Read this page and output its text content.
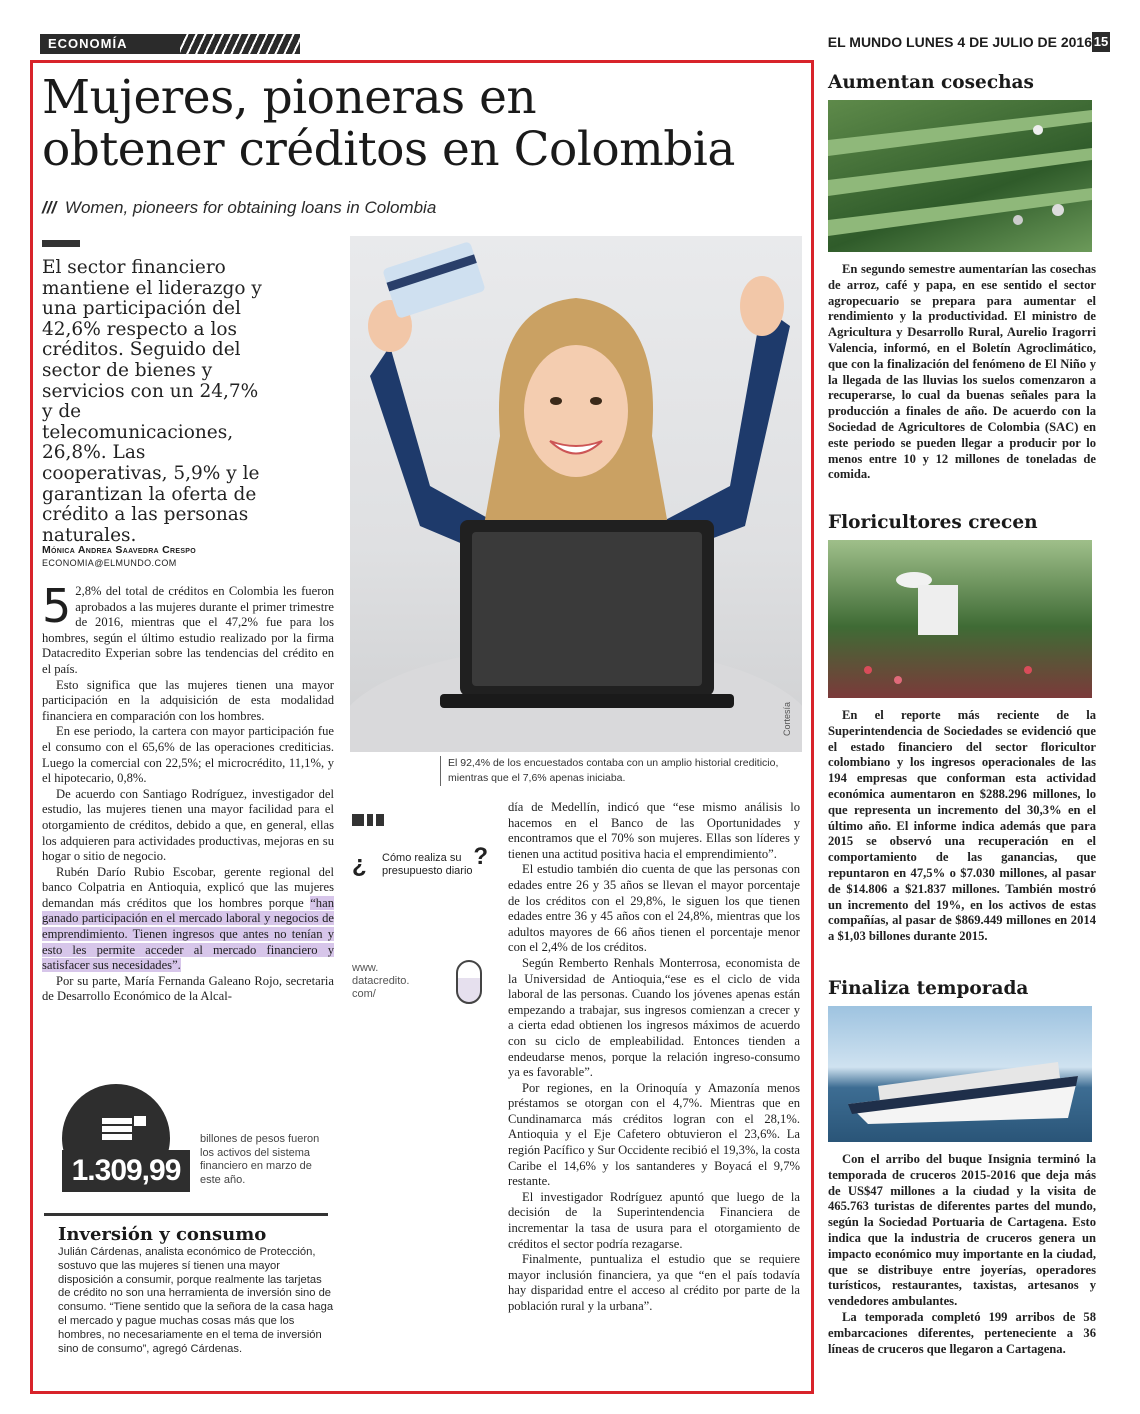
ECONOMÍA	EL MUNDO LUNES 4 DE JULIO DE 2016 15
Mujeres, pioneras en
obtener créditos en Colombia
/// Women, pioneers for obtaining loans in Colombia
El sector financiero mantiene el liderazgo y una participación del 42,6% respecto a los créditos. Seguido del sector de bienes y servicios con un 24,7% y de telecomunicaciones, 26,8%. Las cooperativas, 5,9% y le garantizan la oferta de crédito a las personas naturales.
Mónica Andrea Saavedra Crespo
ECONOMIA@ELMUNDO.COM
Cortesía
El 92,4% de los encuestados contaba con un amplio historial crediticio, mientras que el 7,6% apenas iniciaba.

5 2,8% del total de créditos en Colombia les fueron aprobados a las mujeres durante el primer trimestre de 2016, mientras que el 47,2% fue para los hombres, según el último estudio realizado por la firma Datacredito Experian sobre las tendencias del crédito en el país.

Esto significa que las mujeres tienen una mayor participación en la adquisición de esta modalidad financiera en comparación con los hombres.

En ese periodo, la cartera con mayor participación fue el consumo con el 65,6% de las operaciones crediticias. Luego la comercial con 22,5%; el microcrédito, 11,1%, y el hipotecario, 0,8%.

De acuerdo con Santiago Rodríguez, investigador del estudio, las mujeres tienen una mayor facilidad para el otorgamiento de créditos, debido a que, en general, ellas los adquieren para actividades productivas, mejoras en su hogar o sitio de negocio.

Rubén Darío Rubio Escobar, gerente regional del banco Colpatria en Antioquia, explicó que las mujeres demandan más créditos que los hombres porque “han ganado participación en el mercado laboral y negocios de emprendimiento. Tienen ingresos que antes no tenían y esto les permite acceder al mercado financiero y satisfacer sus necesidades”.

Por su parte, María Fernanda Galeano Rojo, secretaria de Desarrollo Económico de la Alcal-

¿ Cómo realiza su presupuesto diario
?
www.
datacredito.
com/

día de Medellín, indicó que “ese mismo análisis lo hacemos en el Banco de las Oportunidades y encontramos que el 70% son mujeres. Ellas son líderes y tienen una actitud positiva hacia el emprendimiento”.

El estudio también dio cuenta de que las personas con edades entre 26 y 35 años se llevan el mayor porcentaje de los créditos con el 29,8%, le siguen los que tienen edades entre 36 y 45 años con el 24,8%, mientras que los adultos mayores de 66 años tienen el porcentaje menor con el 2,4% de los créditos.

Según Remberto Renhals Monterrosa, economista de la Universidad de Antioquia,“ese es el ciclo de vida laboral de las personas. Cuando los jóvenes apenas están empezando a trabajar, sus ingresos comienzan a crecer y a cierta edad obtienen los ingresos máximos de acuerdo con su ciclo de empleabilidad. Entonces tienden a endeudarse menos, porque la relación ingreso-consumo ya es favorable”.

Por regiones, en la Orinoquía y Amazonía menos préstamos se otorgan con el 4,7%. Mientras que en Cundinamarca más créditos logran con el 28,1%. Antioquia y el Eje Cafetero obtuvieron el 23,6%. La región Pacífico y Sur Occidente recibió el 19,3%, la costa Caribe el 14,6% y los santanderes y Boyacá el 9,7% restante.

El investigador Rodríguez apuntó que luego de la decisión de la Superintendencia Financiera de incrementar la tasa de usura para el otorgamiento de créditos el sector podría rezagarse.

Finalmente, puntualiza el estudio que se requiere mayor inclusión financiera, ya que “en el país todavía hay disparidad entre el acceso al crédito por parte de la población rural y la urbana”.

1.309,99
billones de pesos fueron los activos del sistema financiero en marzo de este año.
Inversión y consumo
Julián Cárdenas, analista económico de Protección, sostuvo que las mujeres sí tienen una mayor disposición a consumir, porque realmente las tarjetas de crédito no son una herramienta de inversión sino de consumo. “Tiene sentido que la señora de la casa haga el mercado y pague muchas cosas más que los hombres, no necesariamente en el tema de inversión sino de consumo”, agregó Cárdenas.
Aumentan cosechas

En segundo semestre aumentarían las cosechas de arroz, café y papa, en ese sentido el sector agropecuario se prepara para aumentar el rendimiento y la productividad. El ministro de Agricultura y Desarrollo Rural, Aurelio Iragorri Valencia, informó, en el Boletín Agroclimático, que con la finalización del fenómeno de El Niño y la llegada de las lluvias los suelos comenzaron a recuperarse, lo cual da buenas señales para la producción a finales de año. De acuerdo con la Sociedad de Agricultores de Colombia (SAC) en este periodo se pueden llegar a producir por lo menos entre 10 y 12 millones de toneladas de comida.

Floricultores crecen

En el reporte más reciente de la Superintendencia de Sociedades se evidenció que el estado financiero del sector floricultor colombiano y los ingresos operacionales de las 194 empresas que conforman esta actividad económica aumentaron en $288.296 millones, lo que representa un incremento del 30,3% en el último año. El informe indica además que para 2015 se observó una recuperación en el comportamiento de las ganancias, que repuntaron en 47,5% o $7.030 millones, al pasar de $14.806 a $21.837 millones. También mostró un incremento del 19%, en los activos de estas compañías, al pasar de $869.449 millones en 2014 a $1,03 billones durante 2015.

Finaliza temporada

Con el arribo del buque Insignia terminó la temporada de cruceros 2015-2016 que deja más de US$47 millones a la ciudad y la visita de 465.763 turistas de diferentes partes del mundo, según la Sociedad Portuaria de Cartagena. Esto indica que la industria de cruceros genera un impacto económico muy importante en la ciudad, que se distribuye entre joyerías, operadores turísticos, restaurantes, taxistas, artesanos y vendedores ambulantes.

La temporada completó 199 arribos de 58 embarcaciones diferentes, perteneciente a 36 líneas de cruceros que llegaron a Cartagena.
